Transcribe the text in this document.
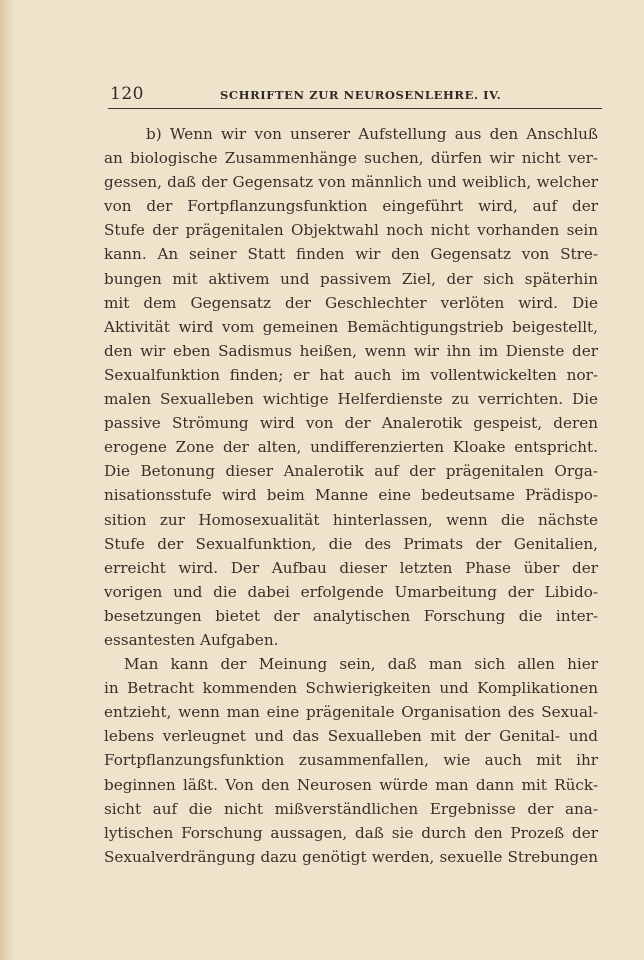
120	SCHRIFTEN ZUR NEUROSENLEHRE. IV.
b) Wenn wir von unserer Aufstellung aus den Anschluß
an biologische Zusammenhänge suchen, dürfen wir nicht ver-
gessen, daß der Gegensatz von männlich und weiblich, welcher
von der Fortpflanzungsfunktion eingeführt wird, auf der
Stufe der prägenitalen Objektwahl noch nicht vorhanden sein
kann. An seiner Statt finden wir den Gegensatz von Stre-
bungen mit aktivem und passivem Ziel, der sich späterhin
mit dem Gegensatz der Geschlechter verlöten wird. Die
Aktivität wird vom gemeinen Bemächtigungstrieb beigestellt,
den wir eben Sadismus heißen, wenn wir ihn im Dienste der
Sexualfunktion finden; er hat auch im vollentwickelten nor-
malen Sexualleben wichtige Helferdienste zu verrichten. Die
passive Strömung wird von der Analerotik gespeist, deren
erogene Zone der alten, undifferenzierten Kloake entspricht.
Die Betonung dieser Analerotik auf der prägenitalen Orga-
nisationsstufe wird beim Manne eine bedeutsame Prädispo-
sition zur Homosexualität hinterlassen, wenn die nächste
Stufe der Sexualfunktion, die des Primats der Genitalien,
erreicht wird. Der Aufbau dieser letzten Phase über der
vorigen und die dabei erfolgende Umarbeitung der Libido-
besetzungen bietet der analytischen Forschung die inter-
essantesten Aufgaben.
Man kann der Meinung sein, daß man sich allen hier
in Betracht kommenden Schwierigkeiten und Komplikationen
entzieht, wenn man eine prägenitale Organisation des Sexual-
lebens verleugnet und das Sexualleben mit der Genital- und
Fortpflanzungsfunktion zusammenfallen, wie auch mit ihr
beginnen läßt. Von den Neurosen würde man dann mit Rück-
sicht auf die nicht mißverständlichen Ergebnisse der ana-
lytischen Forschung aussagen, daß sie durch den Prozeß der
Sexualverdrängung dazu genötigt werden, sexuelle Strebungen
